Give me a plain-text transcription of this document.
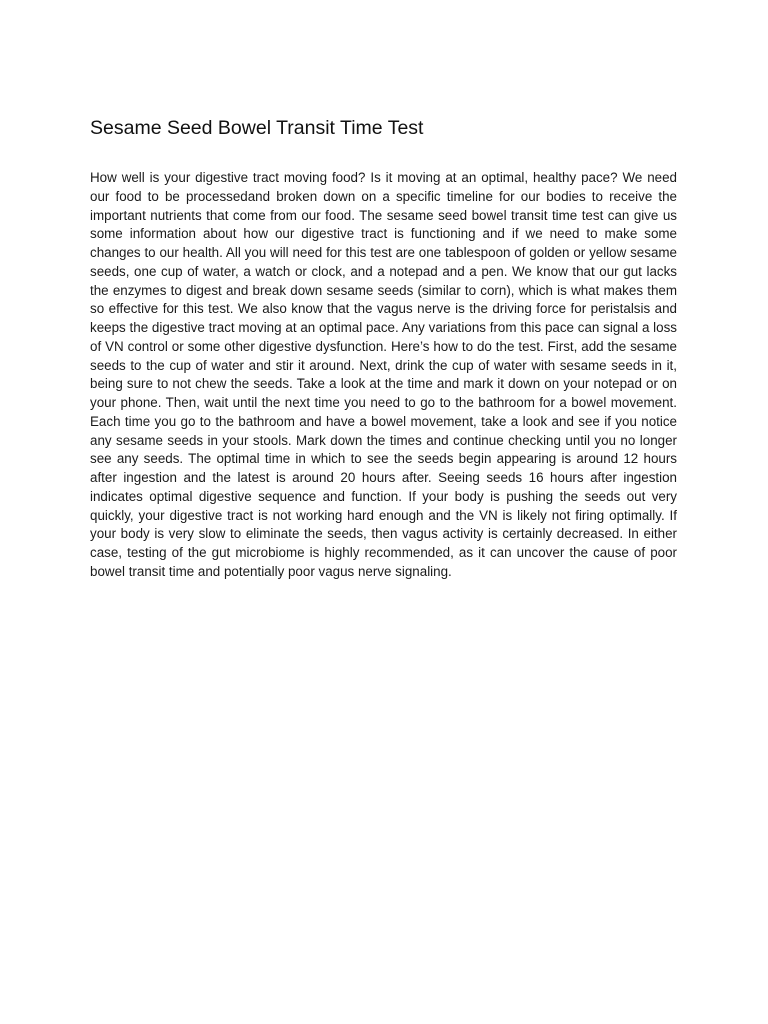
Sesame Seed Bowel Transit Time Test

How well is your digestive tract moving food? Is it moving at an optimal, healthy pace? We need our food to be processedand broken down on a specific timeline for our bodies to receive the important nutrients that come from our food. The sesame seed bowel transit time test can give us some information about how our digestive tract is functioning and if we need to make some changes to our health. All you will need for this test are one tablespoon of golden or yellow sesame seeds, one cup of water, a watch or clock, and a notepad and a pen. We know that our gut lacks the enzymes to digest and break down sesame seeds (similar to corn), which is what makes them so effective for this test. We also know that the vagus nerve is the driving force for peristalsis and keeps the digestive tract moving at an optimal pace. Any variations from this pace can signal a loss of VN control or some other digestive dysfunction. Here’s how to do the test. First, add the sesame seeds to the cup of water and stir it around. Next, drink the cup of water with sesame seeds in it, being sure to not chew the seeds. Take a look at the time and mark it down on your notepad or on your phone. Then, wait until the next time you need to go to the bathroom for a bowel movement. Each time you go to the bathroom and have a bowel movement, take a look and see if you notice any sesame seeds in your stools. Mark down the times and continue checking until you no longer see any seeds. The optimal time in which to see the seeds begin appearing is around 12 hours after ingestion and the latest is around 20 hours after. Seeing seeds 16 hours after ingestion indicates optimal digestive sequence and function. If your body is pushing the seeds out very quickly, your digestive tract is not working hard enough and the VN is likely not firing optimally. If your body is very slow to eliminate the seeds, then vagus activity is certainly decreased. In either case, testing of the gut microbiome is highly recommended, as it can uncover the cause of poor bowel transit time and potentially poor vagus nerve signaling.
